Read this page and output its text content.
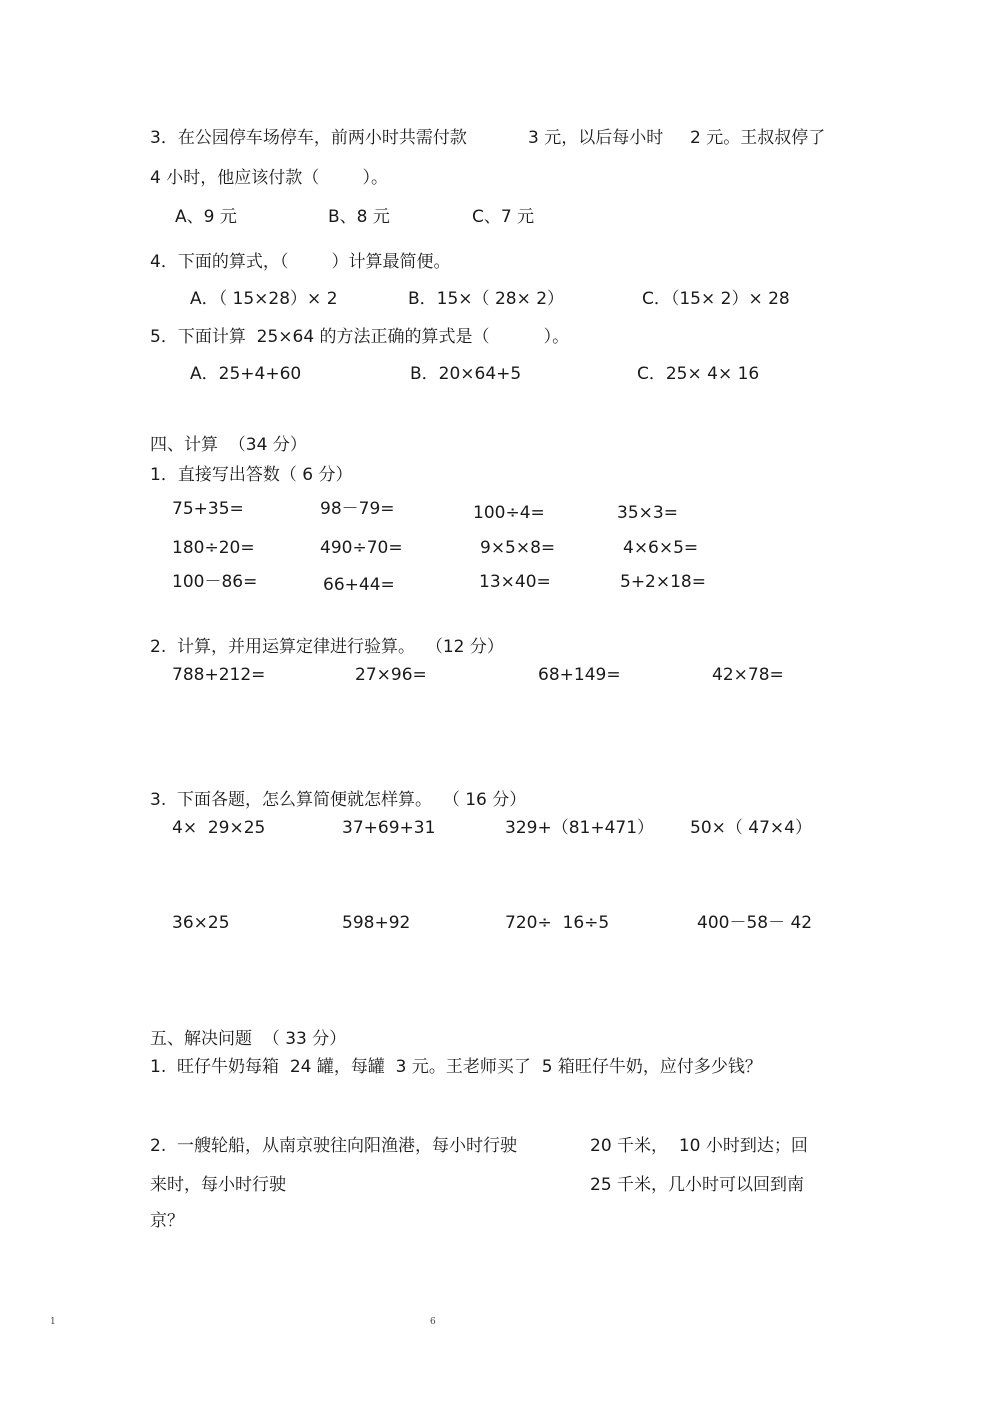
3．在公园停车场停车，前两小时共需付款	3 元，以后每小时 2 元。王叔叔停了
4 小时，他应该付款（        ）。
A、9 元	B、8 元	C、7 元
4．下面的算式，（        ）计算最简便。
A．（ 15×28）× 2	B．15×（ 28× 2）	C．（15× 2）× 28
5．下面计算  25×64 的方法正确的算式是（          ）。
A．25+4+60	B．20×64+5	C．25× 4× 16
四、计算  （34 分）
1．直接写出答数（ 6 分）
75+35=	98－79=	100÷4=	35×3=
180÷20=	490÷70=	9×5×8=	4×6×5=
100－86=	66+44=	13×40=	5+2×18=
2.  计算，并用运算定律进行验算。  （12 分）
788+212=	27×96=	68+149=	42×78=
3.  下面各题，怎么算简便就怎样算。  （ 16 分）
4×  29×25	37+69+31	329+（81+471） 50×（ 47×4）
36×25	598+92	720÷  16÷5	400－58－ 42
五、解决问题  （ 33 分）
1.  旺仔牛奶每箱  24 罐，每罐  3 元。王老师买了  5 箱旺仔牛奶，应付多少钱？
2.  一艘轮船，从南京驶往向阳渔港，每小时行驶	20 千米，  10 小时到达；回
来时，每小时行驶	25 千米，几小时可以回到南
京？
1	6
